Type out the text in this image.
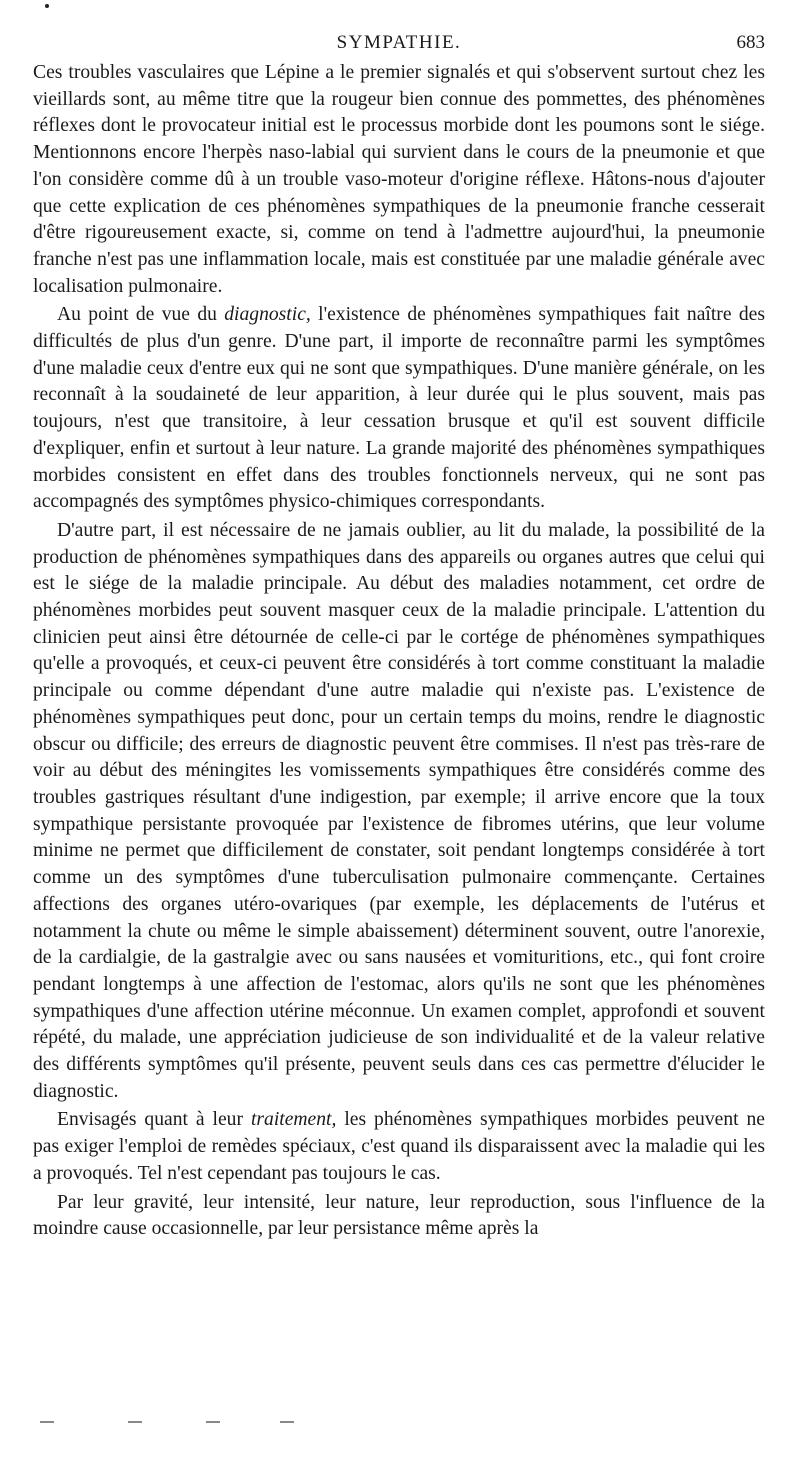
SYMPATHIE.	683

Ces troubles vasculaires que Lépine a le premier signalés et qui s'observent surtout chez les vieillards sont, au même titre que la rougeur bien connue des pommettes, des phénomènes réflexes dont le provocateur initial est le processus morbide dont les poumons sont le siége. Mentionnons encore l'herpès naso-labial qui survient dans le cours de la pneumonie et que l'on considère comme dû à un trouble vaso-moteur d'origine réflexe. Hâtons-nous d'ajouter que cette explication de ces phénomènes sympathiques de la pneumonie franche cesserait d'être rigoureusement exacte, si, comme on tend à l'admettre aujourd'hui, la pneumonie franche n'est pas une inflammation locale, mais est constituée par une maladie générale avec localisation pulmonaire.

Au point de vue du diagnostic, l'existence de phénomènes sympathiques fait naître des difficultés de plus d'un genre. D'une part, il importe de reconnaître parmi les symptômes d'une maladie ceux d'entre eux qui ne sont que sympathiques. D'une manière générale, on les reconnaît à la soudaineté de leur apparition, à leur durée qui le plus souvent, mais pas toujours, n'est que transitoire, à leur cessation brusque et qu'il est souvent difficile d'expliquer, enfin et surtout à leur nature. La grande majorité des phénomènes sympathiques morbides consistent en effet dans des troubles fonctionnels nerveux, qui ne sont pas accompagnés des symptômes physico-chimiques correspondants.

D'autre part, il est nécessaire de ne jamais oublier, au lit du malade, la possibilité de la production de phénomènes sympathiques dans des appareils ou organes autres que celui qui est le siége de la maladie principale. Au début des maladies notamment, cet ordre de phénomènes morbides peut souvent masquer ceux de la maladie principale. L'attention du clinicien peut ainsi être détournée de celle-ci par le cortége de phénomènes sympathiques qu'elle a provoqués, et ceux-ci peuvent être considérés à tort comme constituant la maladie principale ou comme dépendant d'une autre maladie qui n'existe pas. L'existence de phénomènes sympathiques peut donc, pour un certain temps du moins, rendre le diagnostic obscur ou difficile; des erreurs de diagnostic peuvent être commises. Il n'est pas très-rare de voir au début des méningites les vomissements sympathiques être considérés comme des troubles gastriques résultant d'une indigestion, par exemple; il arrive encore que la toux sympathique persistante provoquée par l'existence de fibromes utérins, que leur volume minime ne permet que difficilement de constater, soit pendant longtemps considérée à tort comme un des symptômes d'une tuberculisation pulmonaire commençante. Certaines affections des organes utéro-ovariques (par exemple, les déplacements de l'utérus et notamment la chute ou même le simple abaissement) déterminent souvent, outre l'anorexie, de la cardialgie, de la gastralgie avec ou sans nausées et vomituritions, etc., qui font croire pendant longtemps à une affection de l'estomac, alors qu'ils ne sont que les phénomènes sympathiques d'une affection utérine méconnue. Un examen complet, approfondi et souvent répété, du malade, une appréciation judicieuse de son individualité et de la valeur relative des différents symptômes qu'il présente, peuvent seuls dans ces cas permettre d'élucider le diagnostic.

Envisagés quant à leur traitement, les phénomènes sympathiques morbides peuvent ne pas exiger l'emploi de remèdes spéciaux, c'est quand ils disparaissent avec la maladie qui les a provoqués. Tel n'est cependant pas toujours le cas.

Par leur gravité, leur intensité, leur nature, leur reproduction, sous l'influence de la moindre cause occasionnelle, par leur persistance même après la
